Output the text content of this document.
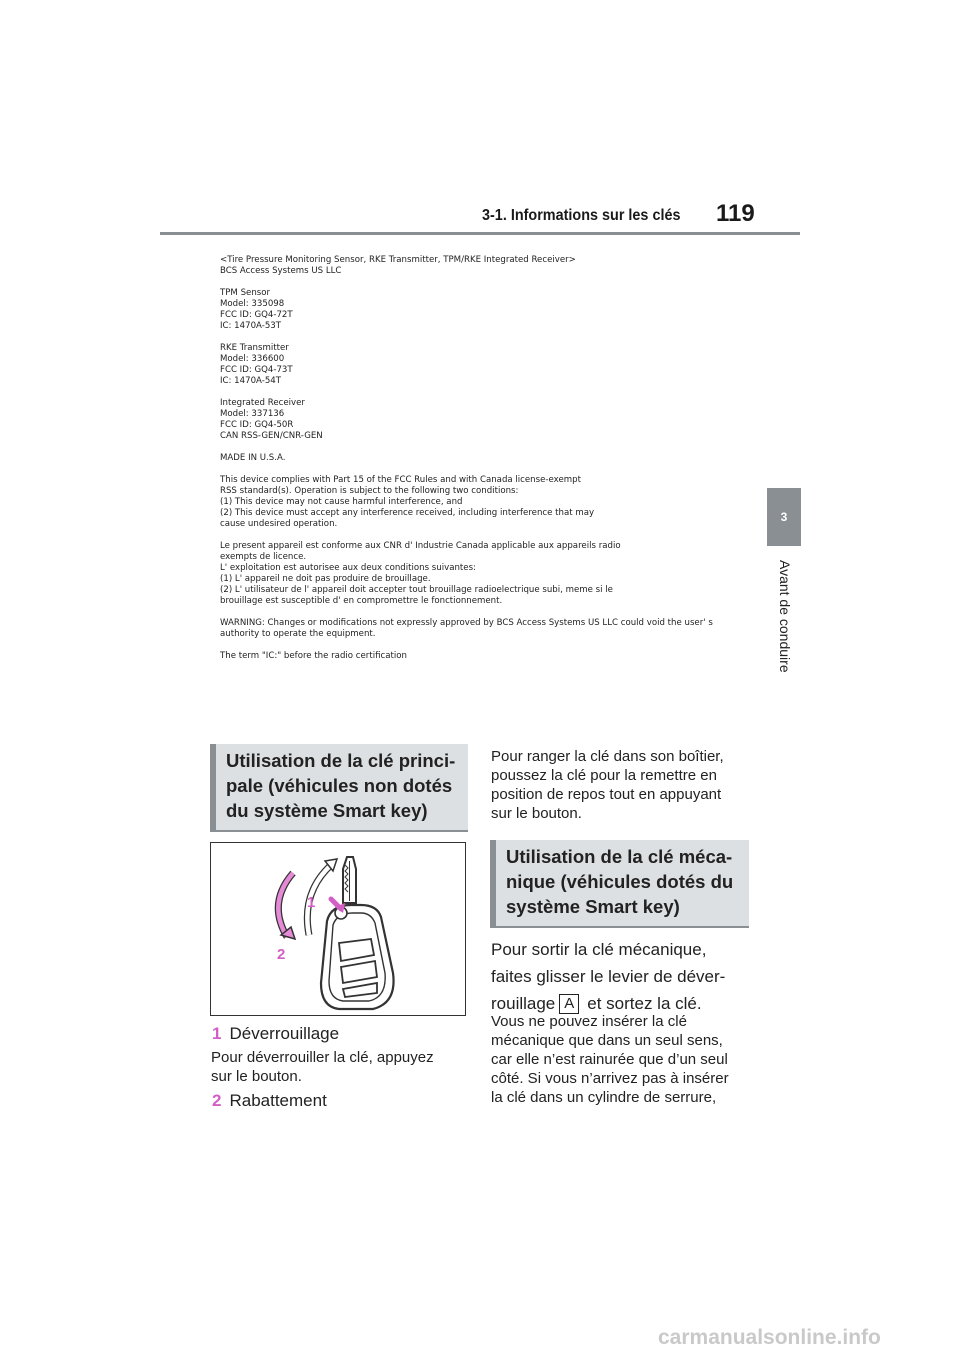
3-1. Informations sur les clés 119
3
Avant de conduire
<Tire Pressure Monitoring Sensor, RKE Transmitter, TPM/RKE Integrated Receiver>
BCS Access Systems US LLC
TPM Sensor
Model: 335098
FCC ID: GQ4-72T
IC: 1470A-53T
RKE Transmitter
Model: 336600
FCC ID: GQ4-73T
IC: 1470A-54T
Integrated Receiver
Model: 337136
FCC ID: GQ4-50R
CAN RSS-GEN/CNR-GEN
MADE IN U.S.A.
This device complies with Part 15 of the FCC Rules and with Canada license-exempt
RSS standard(s). Operation is subject to the following two conditions:
(1) This device may not cause harmful interference, and
(2) This device must accept any interference received, including interference that may
cause undesired operation.
Le present appareil est conforme aux CNR d' Industrie Canada applicable aux appareils radio
exempts de licence.
L' exploitation est autorisee aux deux conditions suivantes:
(1) L' appareil ne doit pas produire de brouillage.
(2) L' utilisateur de l' appareil doit accepter tout brouillage radioelectrique subi, meme si le
brouillage est susceptible d' en compromettre le fonctionnement.
WARNING: Changes or modifications not expressly approved by BCS Access Systems US LLC could void the user' s
authority to operate the equipment.
The term "IC:" before the radio certification
Utilisation de la clé princi-
pale (véhicules non dotés
du système Smart key)
1
2
1 Déverrouillage
Pour déverrouiller la clé, appuyez
sur le bouton.
2 Rabattement
Pour ranger la clé dans son boîtier,
poussez la clé pour la remettre en
position de repos tout en appuyant
sur le bouton.
Utilisation de la clé méca-
nique (véhicules dotés du
système Smart key)
Pour sortir la clé mécanique,
faites glisser le levier de déver-
rouillage A et sortez la clé.
Vous ne pouvez insérer la clé
mécanique que dans un seul sens,
car elle n’est rainurée que d’un seul
côté. Si vous n’arrivez pas à insérer
la clé dans un cylindre de serrure,
carmanualsonline.info
